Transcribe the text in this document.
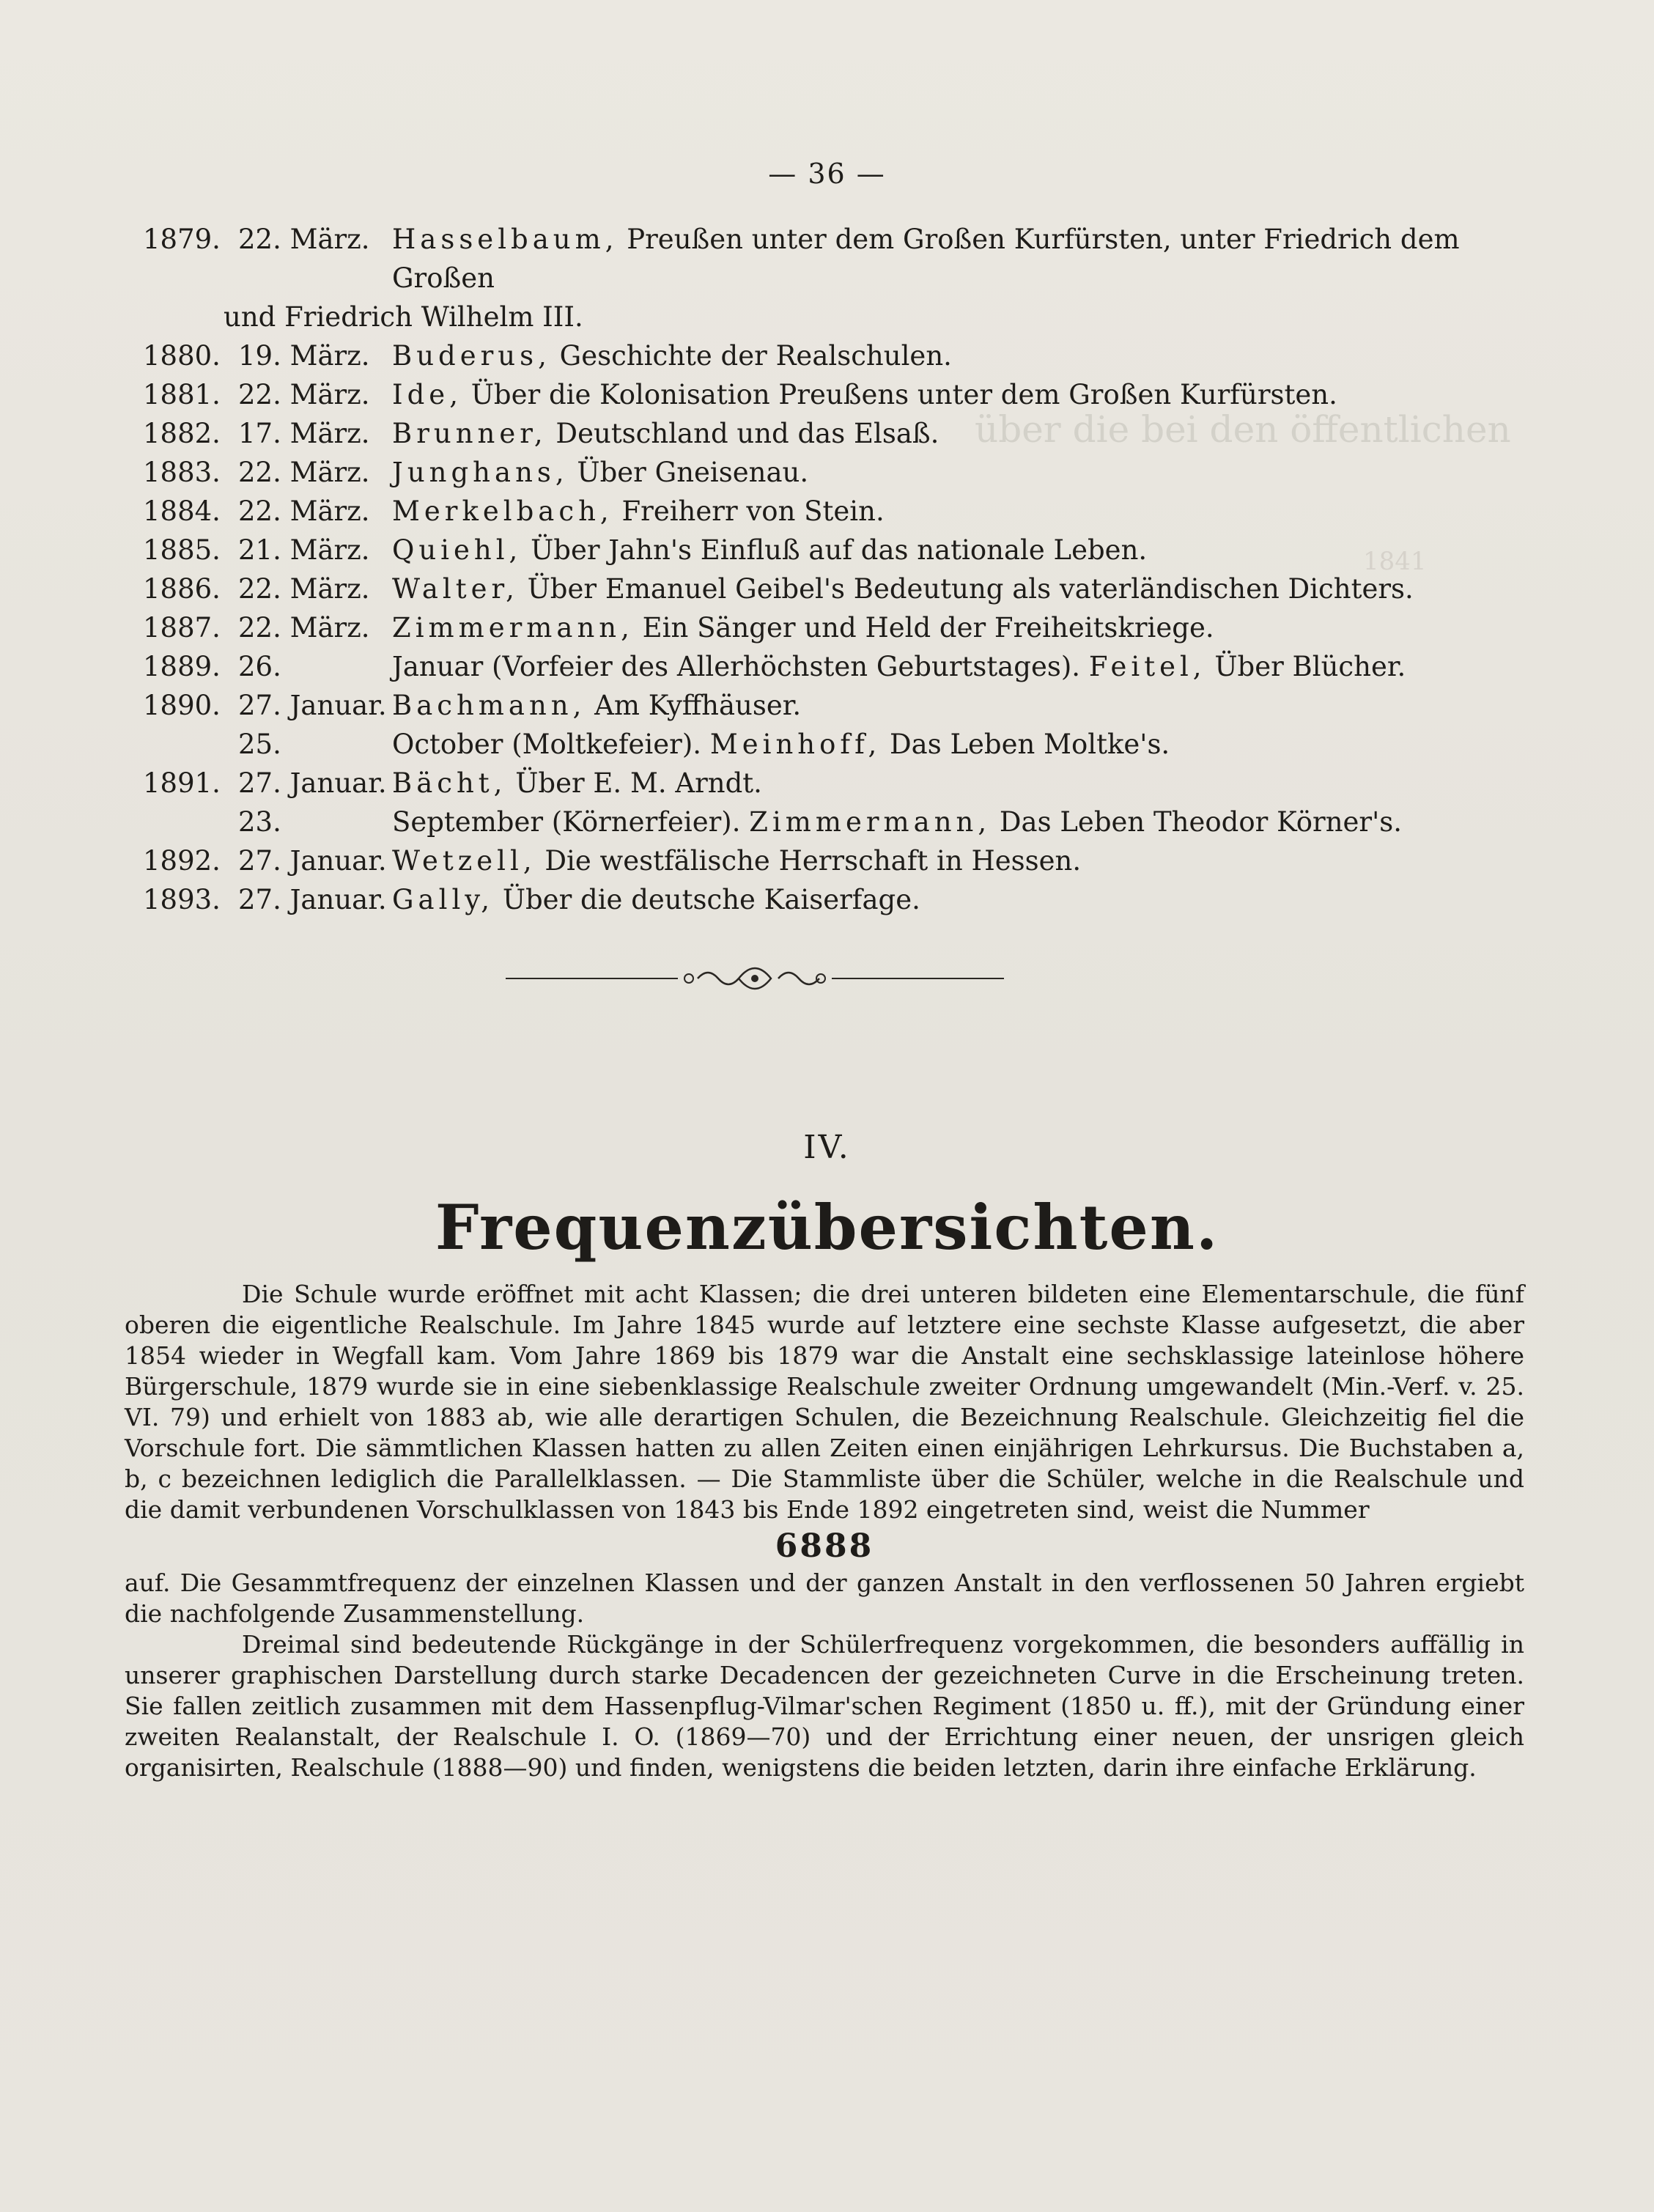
über die bei den öffentlichen
1841
— 36 —
1879. 22. März. Hasselbaum, Preußen unter dem Großen Kurfürsten, unter Friedrich dem Großen
und Friedrich Wilhelm III.
1880. 19. März. Buderus, Geschichte der Realschulen.
1881. 22. März. Ide, Über die Kolonisation Preußens unter dem Großen Kurfürsten.
1882. 17. März. Brunner, Deutschland und das Elsaß.
1883. 22. März. Junghans, Über Gneisenau.
1884. 22. März. Merkelbach, Freiherr von Stein.
1885. 21. März. Quiehl, Über Jahn's Einfluß auf das nationale Leben.
1886. 22. März. Walter, Über Emanuel Geibel's Bedeutung als vaterländischen Dichters.
1887. 22. März. Zimmermann, Ein Sänger und Held der Freiheitskriege.
1889. 26.	Januar (Vorfeier des Allerhöchsten Geburtstages). Feitel, Über Blücher.
1890. 27. Januar. Bachmann, Am Kyffhäuser.
25.	October (Moltkefeier). Meinhoff, Das Leben Moltke's.
1891. 27. Januar. Bächt, Über E. M. Arndt.
23.	September (Körnerfeier). Zimmermann, Das Leben Theodor Körner's.
1892. 27. Januar. Wetzell, Die westfälische Herrschaft in Hessen.
1893. 27. Januar. Gally, Über die deutsche Kaiserfage.
IV.
Frequenzübersichten.

Die Schule wurde eröffnet mit acht Klassen; die drei unteren bildeten eine Elementarschule, die fünf oberen die eigentliche Realschule. Im Jahre 1845 wurde auf letztere eine sechste Klasse aufgesetzt, die aber 1854 wieder in Wegfall kam. Vom Jahre 1869 bis 1879 war die Anstalt eine sechsklassige lateinlose höhere Bürgerschule, 1879 wurde sie in eine siebenklassige Realschule zweiter Ordnung umgewandelt (Min.-Verf. v. 25. VI. 79) und erhielt von 1883 ab, wie alle derartigen Schulen, die Bezeichnung Realschule. Gleichzeitig fiel die Vorschule fort. Die sämmtlichen Klassen hatten zu allen Zeiten einen einjährigen Lehrkursus. Die Buchstaben a, b, c bezeichnen lediglich die Parallelklassen. — Die Stammliste über die Schüler, welche in die Realschule und die damit verbundenen Vorschulklassen von 1843 bis Ende 1892 eingetreten sind, weist die Nummer

6888

auf. Die Gesammtfrequenz der einzelnen Klassen und der ganzen Anstalt in den verflossenen 50 Jahren ergiebt die nachfolgende Zusammenstellung.

Dreimal sind bedeutende Rückgänge in der Schülerfrequenz vorgekommen, die besonders auffällig in unserer graphischen Darstellung durch starke Decadencen der gezeichneten Curve in die Erscheinung treten. Sie fallen zeitlich zusammen mit dem Hassenpflug-Vilmar'schen Regiment (1850 u. ff.), mit der Gründung einer zweiten Realanstalt, der Realschule I. O. (1869—70) und der Errichtung einer neuen, der unsrigen gleich organisirten, Realschule (1888—90) und finden, wenigstens die beiden letzten, darin ihre einfache Erklärung.
